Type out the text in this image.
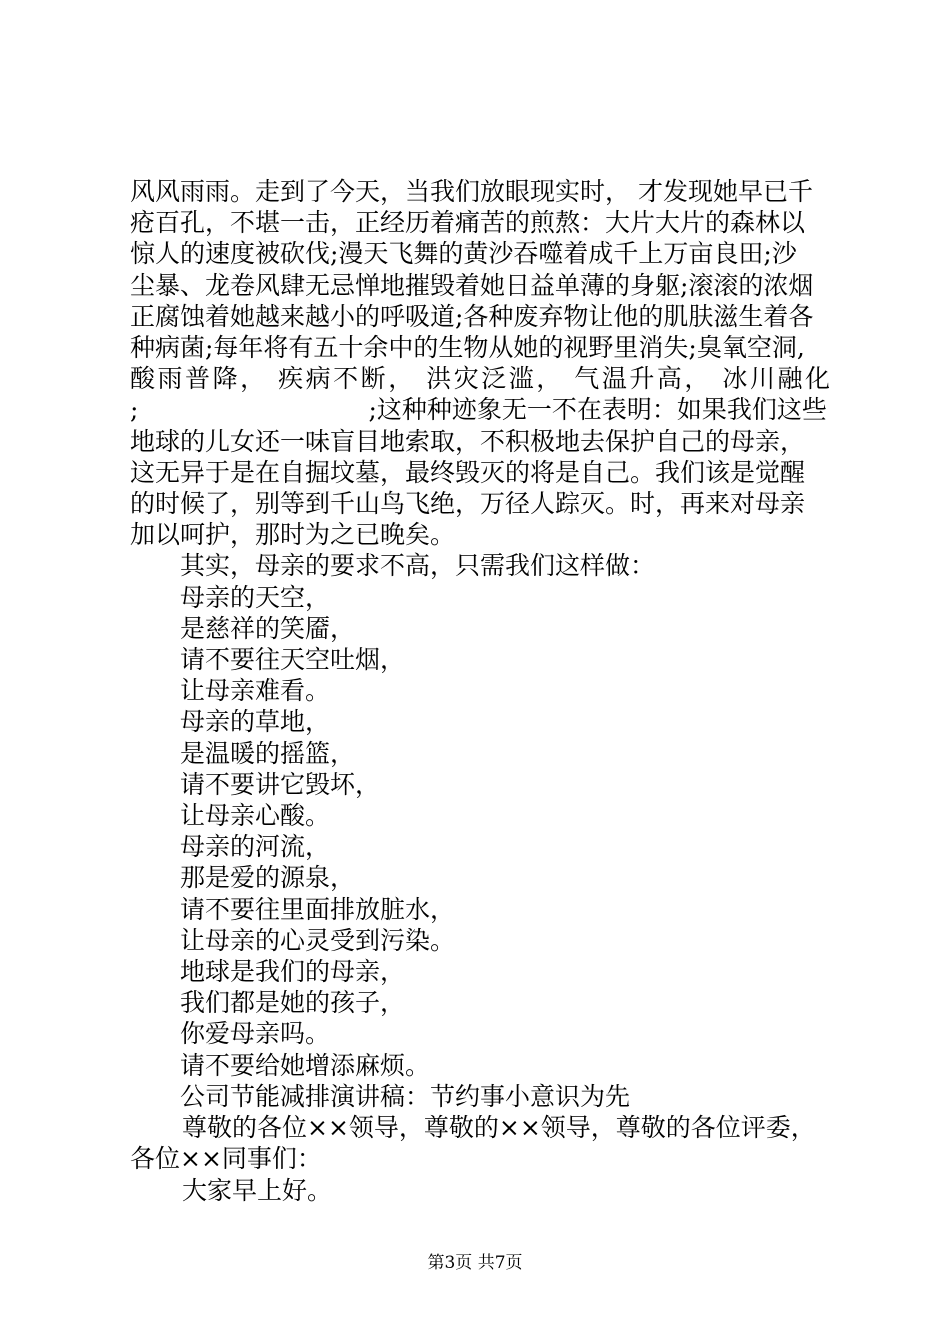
风风雨雨。走到了今天，当我们放眼现实时， 才发现她早已千
疮百孔，不堪一击，正经历着痛苦的煎熬：大片大片的森林以
惊人的速度被砍伐;漫天飞舞的黄沙吞噬着成千上万亩良田;沙
尘暴、龙卷风肆无忌惮地摧毁着她日益单薄的身躯;滚滚的浓烟
正腐蚀着她越来越小的呼吸道;各种废弃物让他的肌肤滋生着各
种病菌;每年将有五十余中的生物从她的视野里消失;臭氧空洞,
酸雨普降， 疾病不断， 洪灾泛滥， 气温升高， 冰川融化
;	;这种种迹象无一不在表明：如果我们这些
地球的儿女还一味盲目地索取，不积极地去保护自己的母亲，
这无异于是在自掘坟墓，最终毁灭的将是自己。我们该是觉醒
的时候了，别等到千山鸟飞绝，万径人踪灭。时，再来对母亲
加以呵护，那时为之已晚矣。
其实，母亲的要求不高，只需我们这样做：
母亲的天空，
是慈祥的笑靥，
请不要往天空吐烟，
让母亲难看。
母亲的草地，
是温暖的摇篮，
请不要讲它毁坏，
让母亲心酸。
母亲的河流，
那是爱的源泉，
请不要往里面排放脏水，
让母亲的心灵受到污染。
地球是我们的母亲，
我们都是她的孩子，
你爱母亲吗。
请不要给她增添麻烦。
公司节能减排演讲稿：节约事小意识为先
尊敬的各位××领导，尊敬的××领导，尊敬的各位评委，
各位××同事们：
大家早上好。
第3页 共7页
